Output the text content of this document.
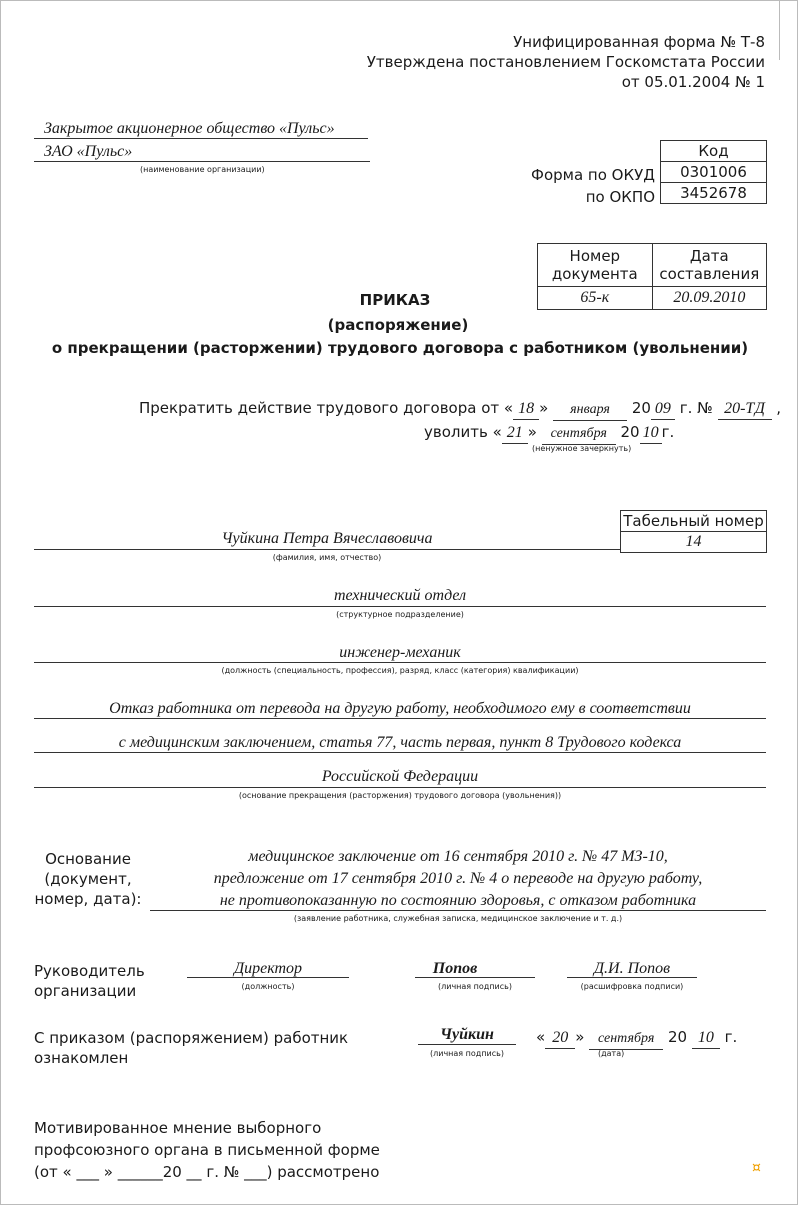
Унифицированная форма № Т-8
Утверждена постановлением Госкомстата России
от 05.01.2004 № 1
Закрытое акционерное общество «Пульс»
ЗАО «Пульс»
(наименование организации)	Форма по ОКУД
по ОКПО
Код
0301006
3452678
Номер документа	Дата составления
65-к	20.09.2010
ПРИКАЗ
(распоряжение)
о прекращении (расторжении) трудового договора с работником (увольнении)
Прекратить действие трудового договора от « 18 » января 20 09 г. № 20-ТД ,
уволить « 21 » сентября 20 10 г.
(ненужное зачеркнуть)
Табельный номер
14
Чуйкина Петра Вячеславовича
(фамилия, имя, отчество)
технический отдел
(структурное подразделение)
инженер-механик
(должность (специальность, профессия), разряд, класс (категория) квалификации)
Отказ работника от перевода на другую работу, необходимого ему в соответствии
с медицинским заключением, статья 77, часть первая, пункт 8 Трудового кодекса
Российской Федерации
(основание прекращения (расторжения) трудового договора (увольнения))
Основание
(документ,
номер, дата):
медицинское заключение от 16 сентября 2010 г. № 47 МЗ-10,
предложение от 17 сентября 2010 г. № 4 о переводе на другую работу,
не противопоказанную по состоянию здоровья, с отказом работника
(заявление работника, служебная записка, медицинское заключение и т. д.)
Руководитель
организации
Директор
(должность)
Попов
(личная подпись)
Д.И. Попов
(расшифровка подписи)
С приказом (распоряжением) работник
ознакомлен
Чуйкин
(личная подпись)
« 20 » сентября 20 10 г.
(дата)
Мотивированное мнение выборного
профсоюзного органа в письменной форме
(от « ___ » ______20 __ г. № ___) рассмотрено	¤
